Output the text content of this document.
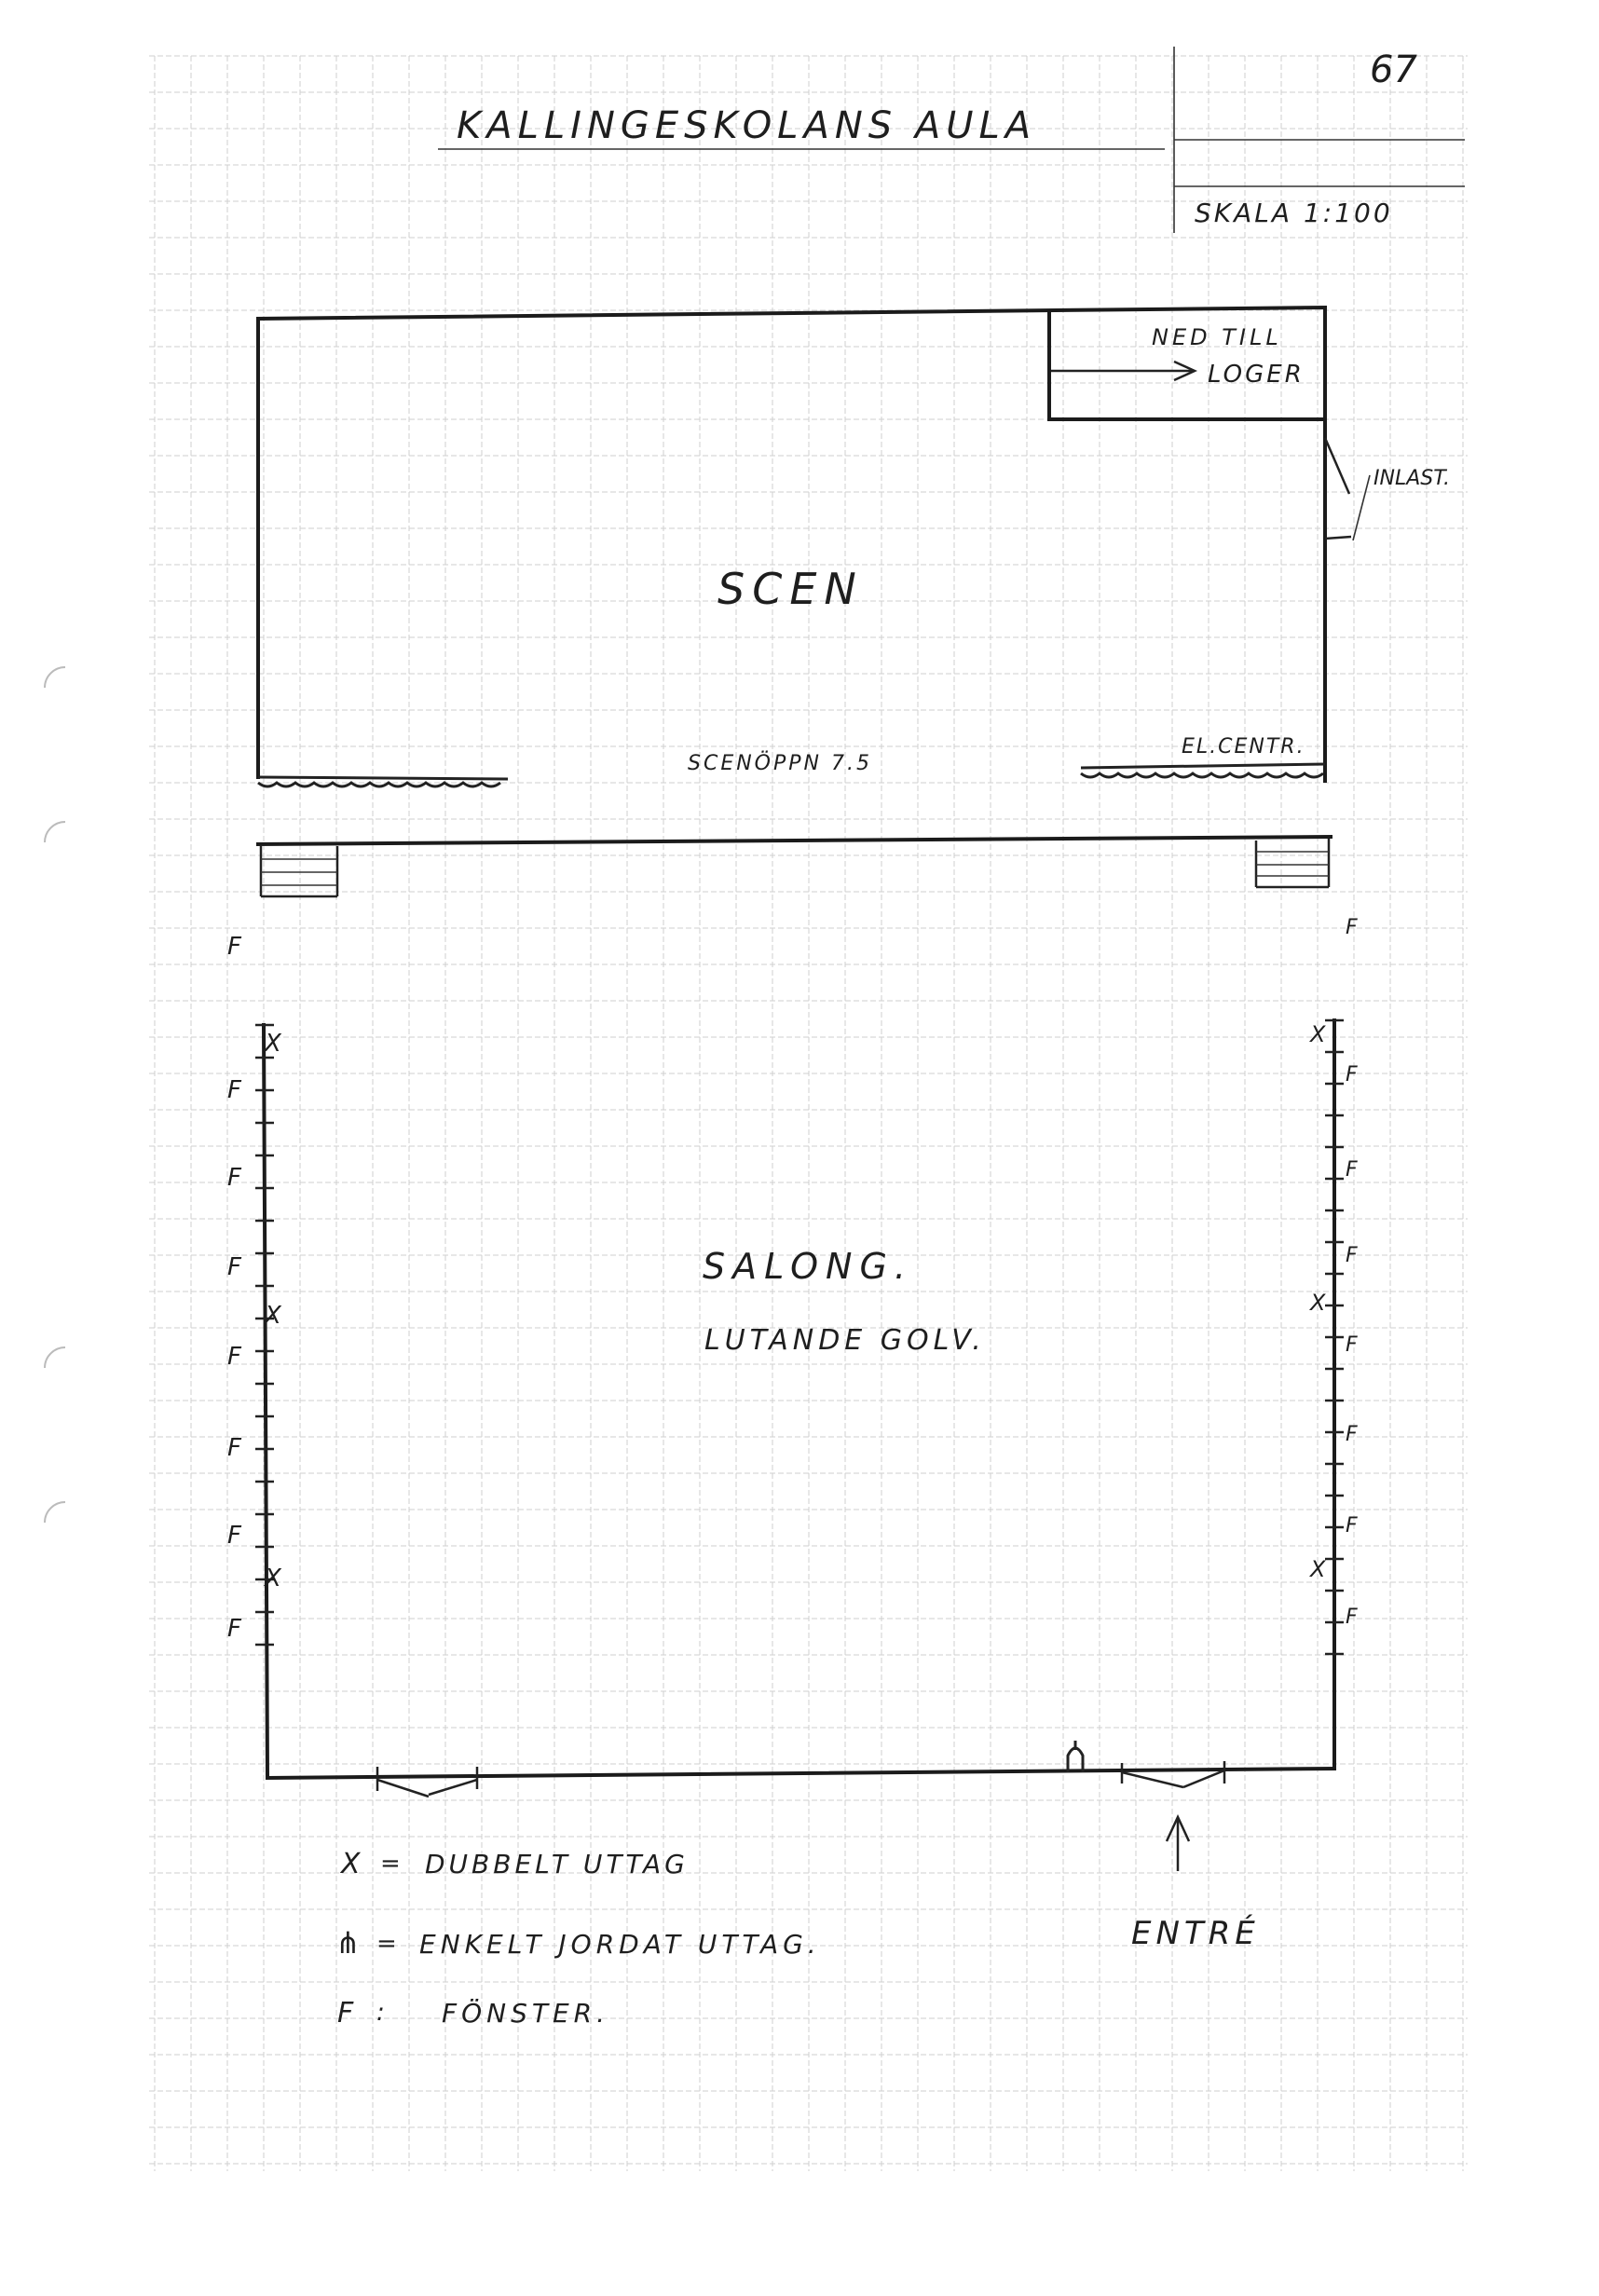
KALLINGESKOLANS AULA
67
SKALA 1:100
F
F
F
F
F
F
F
F
F
F
F
F
F
F
F
F
X
X
X
X
X
X
NED TILL
LOGER
INLAST.
SCEN
SCENÖPPN 7.5
EL.CENTR.
SALONG.
LUTANDE GOLV.
ENTRÉ
X = DUBBELT UTTAG
⋔ = ENKELT JORDAT UTTAG.
F : FÖNSTER.
